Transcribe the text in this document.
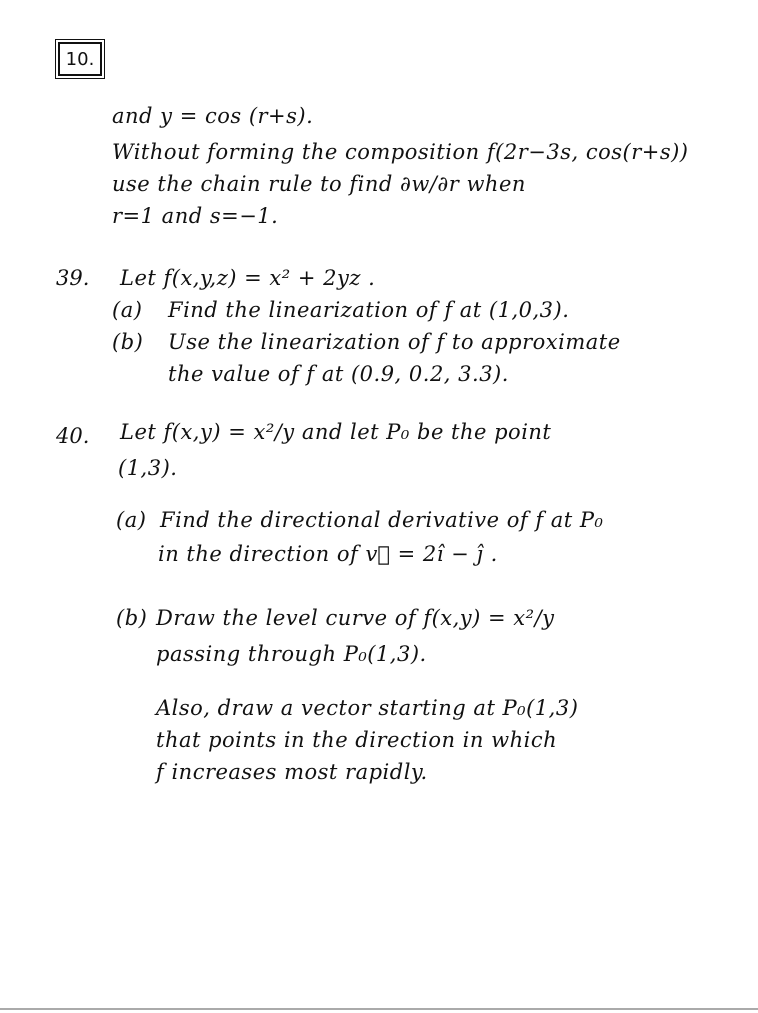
10.
and y = cos (r+s).
Without forming the composition f(2r−3s, cos(r+s))
use the chain rule to find ∂w/∂r when
r=1 and s=−1.
39. Let f(x,y,z) = x² + 2yz .
(a) Find the linearization of f at (1,0,3).
(b) Use the linearization of f to approximate
the value of f at (0.9, 0.2, 3.3).
40. Let f(x,y) = x²/y and let P₀ be the point
(1,3).
(a) Find the directional derivative of f at P₀
in the direction of v⃗ = 2î − ĵ .
(b) Draw the level curve of f(x,y) = x²/y
passing through P₀(1,3).
Also, draw a vector starting at P₀(1,3)
that points in the direction in which
f increases most rapidly.
